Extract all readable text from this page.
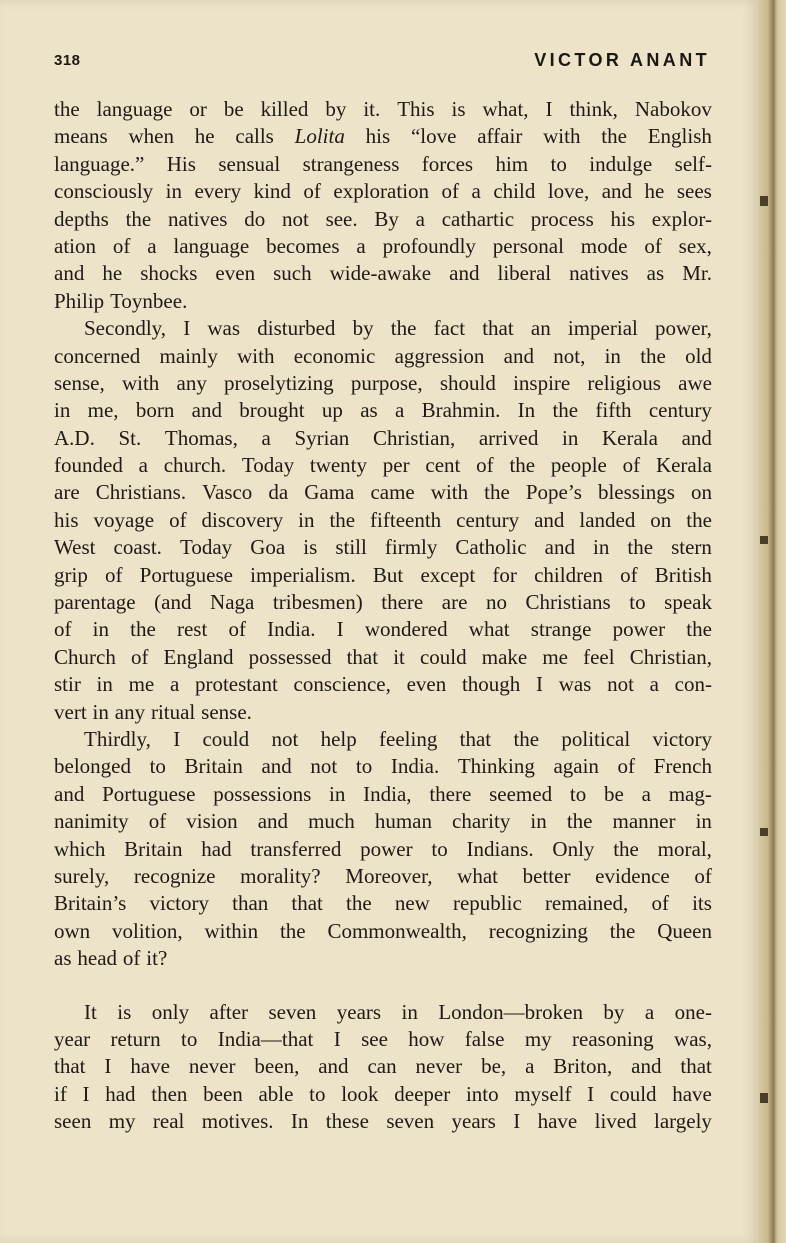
318	VICTOR ANANT
the language or be killed by it. This is what, I think, Nabokov
means when he calls Lolita his “love affair with the English
language.” His sensual strangeness forces him to indulge self-
consciously in every kind of exploration of a child love, and he sees
depths the natives do not see. By a cathartic process his explor-
ation of a language becomes a profoundly personal mode of sex,
and he shocks even such wide-awake and liberal natives as Mr.
Philip Toynbee.
Secondly, I was disturbed by the fact that an imperial power,
concerned mainly with economic aggression and not, in the old
sense, with any proselytizing purpose, should inspire religious awe
in me, born and brought up as a Brahmin. In the fifth century
A.D. St. Thomas, a Syrian Christian, arrived in Kerala and
founded a church. Today twenty per cent of the people of Kerala
are Christians. Vasco da Gama came with the Pope’s blessings on
his voyage of discovery in the fifteenth century and landed on the
West coast. Today Goa is still firmly Catholic and in the stern
grip of Portuguese imperialism. But except for children of British
parentage (and Naga tribesmen) there are no Christians to speak
of in the rest of India. I wondered what strange power the
Church of England possessed that it could make me feel Christian,
stir in me a protestant conscience, even though I was not a con-
vert in any ritual sense.
Thirdly, I could not help feeling that the political victory
belonged to Britain and not to India. Thinking again of French
and Portuguese possessions in India, there seemed to be a mag-
nanimity of vision and much human charity in the manner in
which Britain had transferred power to Indians. Only the moral,
surely, recognize morality? Moreover, what better evidence of
Britain’s victory than that the new republic remained, of its
own volition, within the Commonwealth, recognizing the Queen
as head of it?
It is only after seven years in London—broken by a one-
year return to India—that I see how false my reasoning was,
that I have never been, and can never be, a Briton, and that
if I had then been able to look deeper into myself I could have
seen my real motives. In these seven years I have lived largely
